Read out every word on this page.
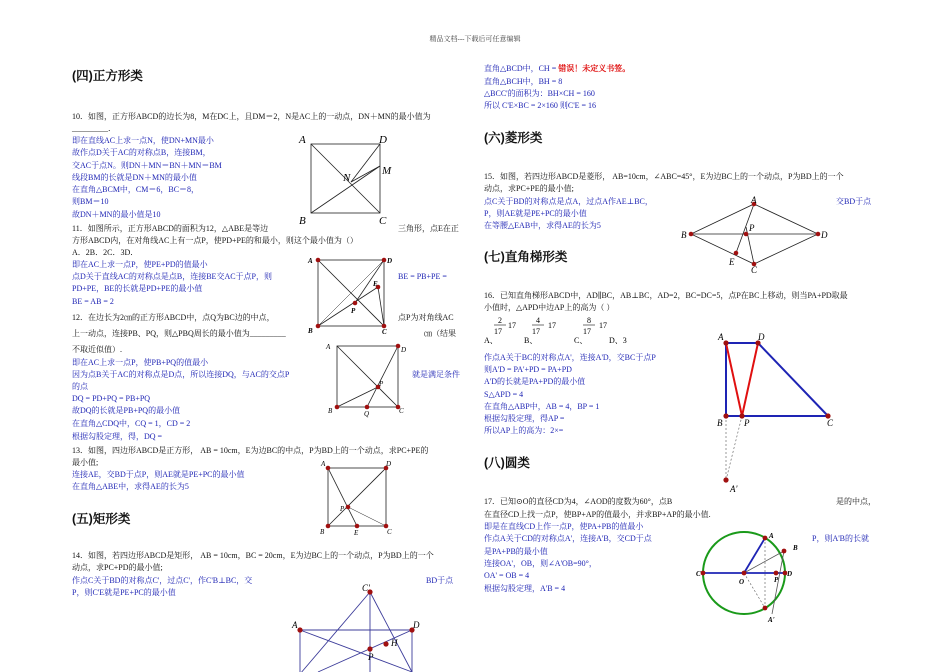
精品文档---下载后可任意编辑
(四)正方形类
10．如图，正方形ABCD的边长为8，M在DC上，且DM＝2，N是AC上的一动点，DN＋MN的最小值为
_________．
即在直线AC上求一点N，使DN+MN最小
故作点D关于AC的对称点B，连接BM，
交AC于点N。则DN＋MN＝BN＋MN＝BM
线段BM的长就是DN＋MN的最小值
在直角△BCM中，CM＝6，BC＝8，
则BM＝10
故DN＋MN的最小值是10
A	D
M
N
B	C
11．如图所示，正方形ABCD的面积为12，△ABE是等边	三角形，点E在正
方形ABCD内，在对角线AC上有一点P，使PD+PE的和最小，则这个最小值为（）
A．2B．2C．3D．
即在AC上求一点P，使PE+PD的值最小
点D关于直线AC的对称点是点B，连接BE交AC于点P，则	BE = PB+PE =
PD+PE，BE的长就是PD+PE的最小值
BE = AB = 2
A	D
E
P
B	C
12．在边长为2㎝的正方形ABCD中，点Q为BC边的中点，	点P为对角线AC
上一动点，连接PB、PQ，则△PBQ周长的最小值为_________	㎝（结果
不取近似值）.
即在AC上求一点P，使PB+PQ的值最小
因为点B关于AC的对称点是D点，所以连接DQ，与AC的交点P	就是满足条件
的点
DQ = PD+PQ = PB+PQ
故DQ的长就是PB+PQ的最小值
在直角△CDQ中，CQ = 1，CD = 2
根据勾股定理，得，DQ =
A	D
P
B	Q	C
13．如图，四边形ABCD是正方形， AB = 10cm，E为边BC的中点，P为BD上的一个动点，求PC+PE的
最小值;
连接AE，交BD于点P，则AE就是PE+PC的最小值
在直角△ABE中，求得AE的长为5
A	D
P
B	E	C
(五)矩形类
14．如图，若四边形ABCD是矩形， AB = 10cm，BC = 20cm，E为边BC上的一个动点，P为BD上的一个
动点，求PC+PD的最小值;
作点C关于BD的对称点C'，过点C'，作C'B⊥BC，交	BD于点
P，则C'E就是PE+PC的最小值	C'
A	D
H
P
直角△BCD中，CH = 错误！未定义书签。
直角△BCH中，BH = 8
△BCC'的面积为：BH×CH = 160
所以 C'E×BC = 2×160 则C'E = 16
(六)菱形类
15．如图，若四边形ABCD是菱形， AB=10cm，∠ABC=45°，E为边BC上的一个动点，P为BD上的一个
动点，求PC+PE的最小值;
点C关于BD的对称点是点A，过点A作AE⊥BC，	交BD于点
P，则AE就是PE+PC的最小值
在等腰△EAB中，求得AE的长为5
A
B	D
P
E
C
(七)直角梯形类
16．已知直角梯形ABCD中，AD∥BC，AB⊥BC，AD=2，BC=DC=5，点P在BC上移动，则当PA+PD取最
小值时，△APD中边AP上的高为（ ）
2
17
17
4
17
17
8
17
17
A、	B、	C、	D、3
作点A关于BC的对称点A'，连接A'D，交BC于点P
则A'D = PA'+PD = PA+PD
A'D的长就是PA+PD的最小值
S△APD = 4
在直角△ABP中，AB = 4，BP = 1
根据勾股定理，得AP =
所以AP上的高为：2×=
A	D
B P	C
A'
(八)圆类
17．已知⊙O的直径CD为4，∠AOD的度数为60°，点B	是的中点，
在直径CD上找一点P，使BP+AP的值最小，并求BP+AP的最小值.
即是在直线CD上作一点P，使PA+PB的值最小
作点A关于CD的对称点A'，连接A'B，交CD于点	P，则A'B的长就
是PA+PB的最小值
连接OA'，OB，则∠A'OB=90°，
OA' = OB = 4
根据勾股定理，A'B = 4
A
B
C
O	P
D
A'
